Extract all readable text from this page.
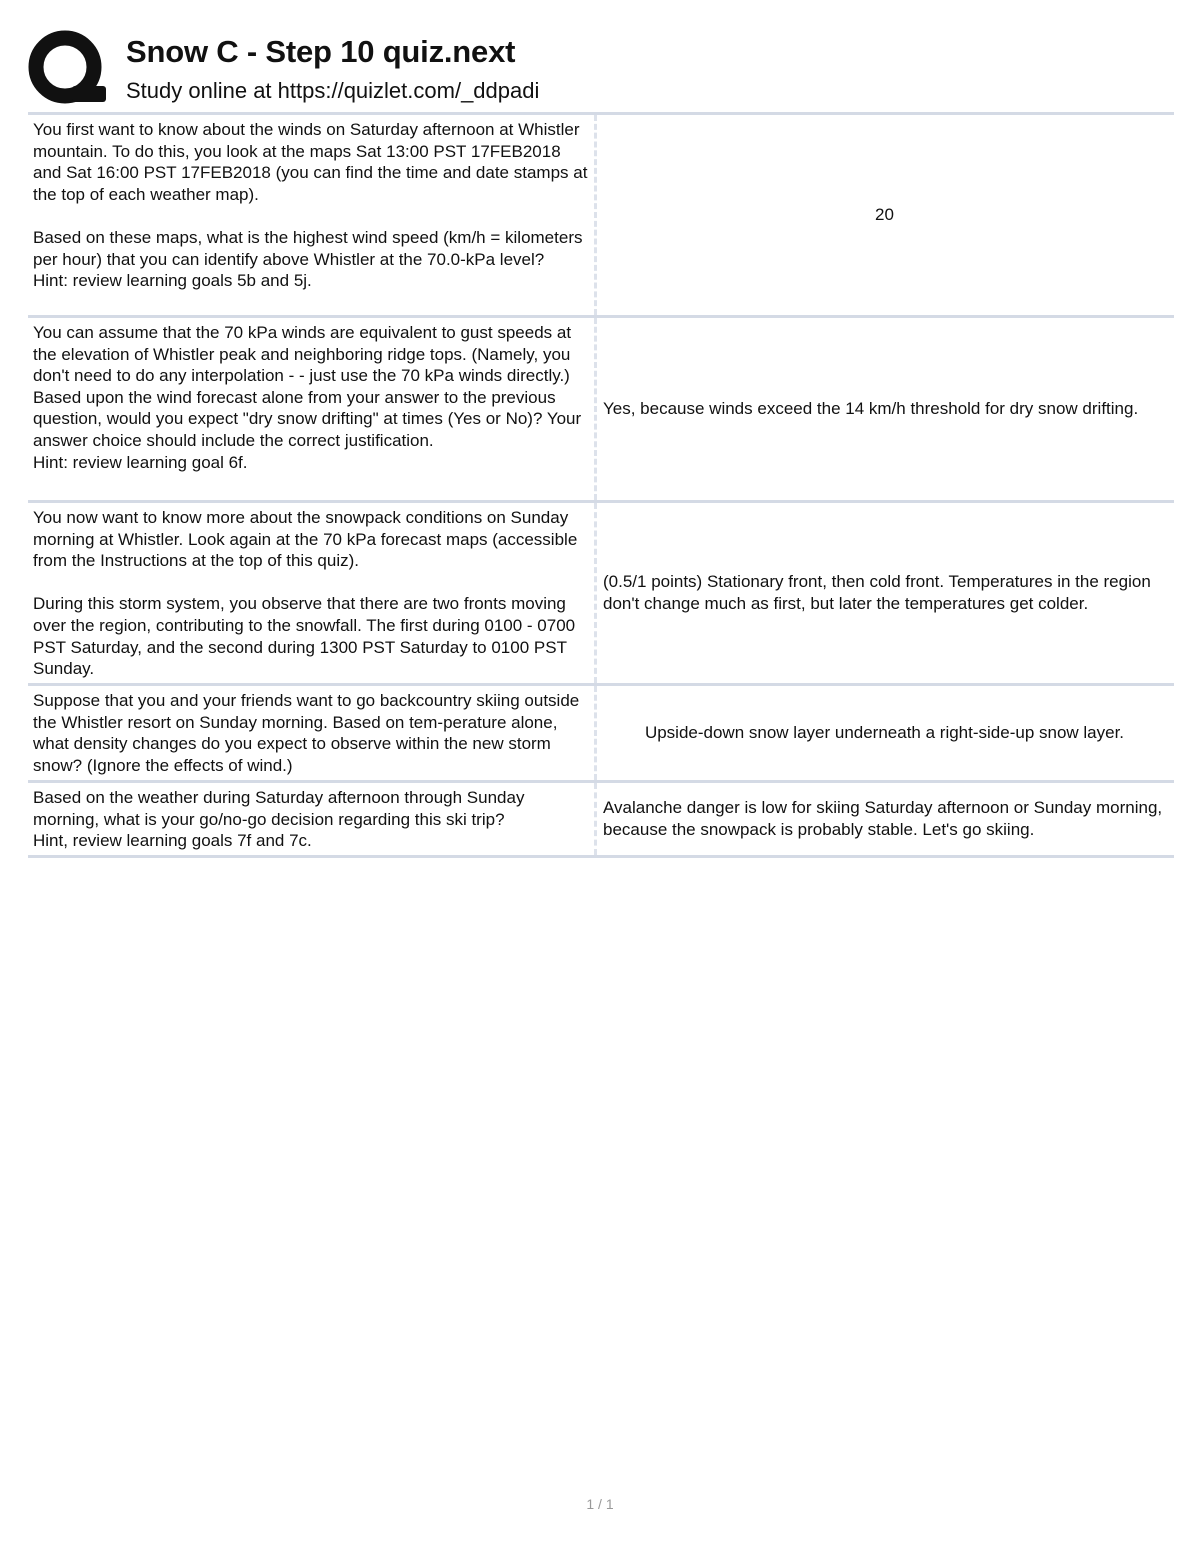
Snow C - Step 10 quiz.next
Study online at https://quizlet.com/_ddpadi
You first want to know about the winds on Saturday afternoon at Whistler mountain. To do this, you look at the maps Sat 13:00 PST 17FEB2018 and Sat 16:00 PST 17FEB2018 (you can find the time and date stamps at the top of each weather map).

Based on these maps, what is the highest wind speed (km/h = kilometers per hour) that you can identify above Whistler at the 70.0-kPa level?
Hint: review learning goals 5b and 5j.
20
You can assume that the 70 kPa winds are equivalent to gust speeds at the elevation of Whistler peak and neighboring ridge tops. (Namely, you don't need to do any interpolation - - just use the 70 kPa winds directly.) Based upon the wind forecast alone from your answer to the previous question, would you expect "dry snow drifting" at times (Yes or No)? Your answer choice should include the correct justification.
Hint: review learning goal 6f.
Yes, because winds exceed the 14 km/h threshold for dry snow drifting.
You now want to know more about the snowpack conditions on Sunday morning at Whistler. Look again at the 70 kPa forecast maps (accessible from the Instructions at the top of this quiz).

During this storm system, you observe that there are two fronts moving over the region, contributing to the snowfall. The first during 0100 - 0700 PST Saturday, and the second during 1300 PST Saturday to 0100 PST Sunday.
(0.5/1 points) Stationary front, then cold front. Temperatures in the region don't change much as first, but later the temperatures get colder.
Suppose that you and your friends want to go backcountry skiing outside the Whistler resort on Sunday morning. Based on tem-perature alone, what density changes do you expect to observe within the new storm snow? (Ignore the effects of wind.)
Upside-down snow layer underneath a right-side-up snow layer.
Based on the weather during Saturday afternoon through Sunday morning, what is your go/no-go decision regarding this ski trip?
Hint, review learning goals 7f and 7c.
Avalanche danger is low for skiing Saturday afternoon or Sunday morning, because the snowpack is probably stable. Let's go skiing.
1 / 1
